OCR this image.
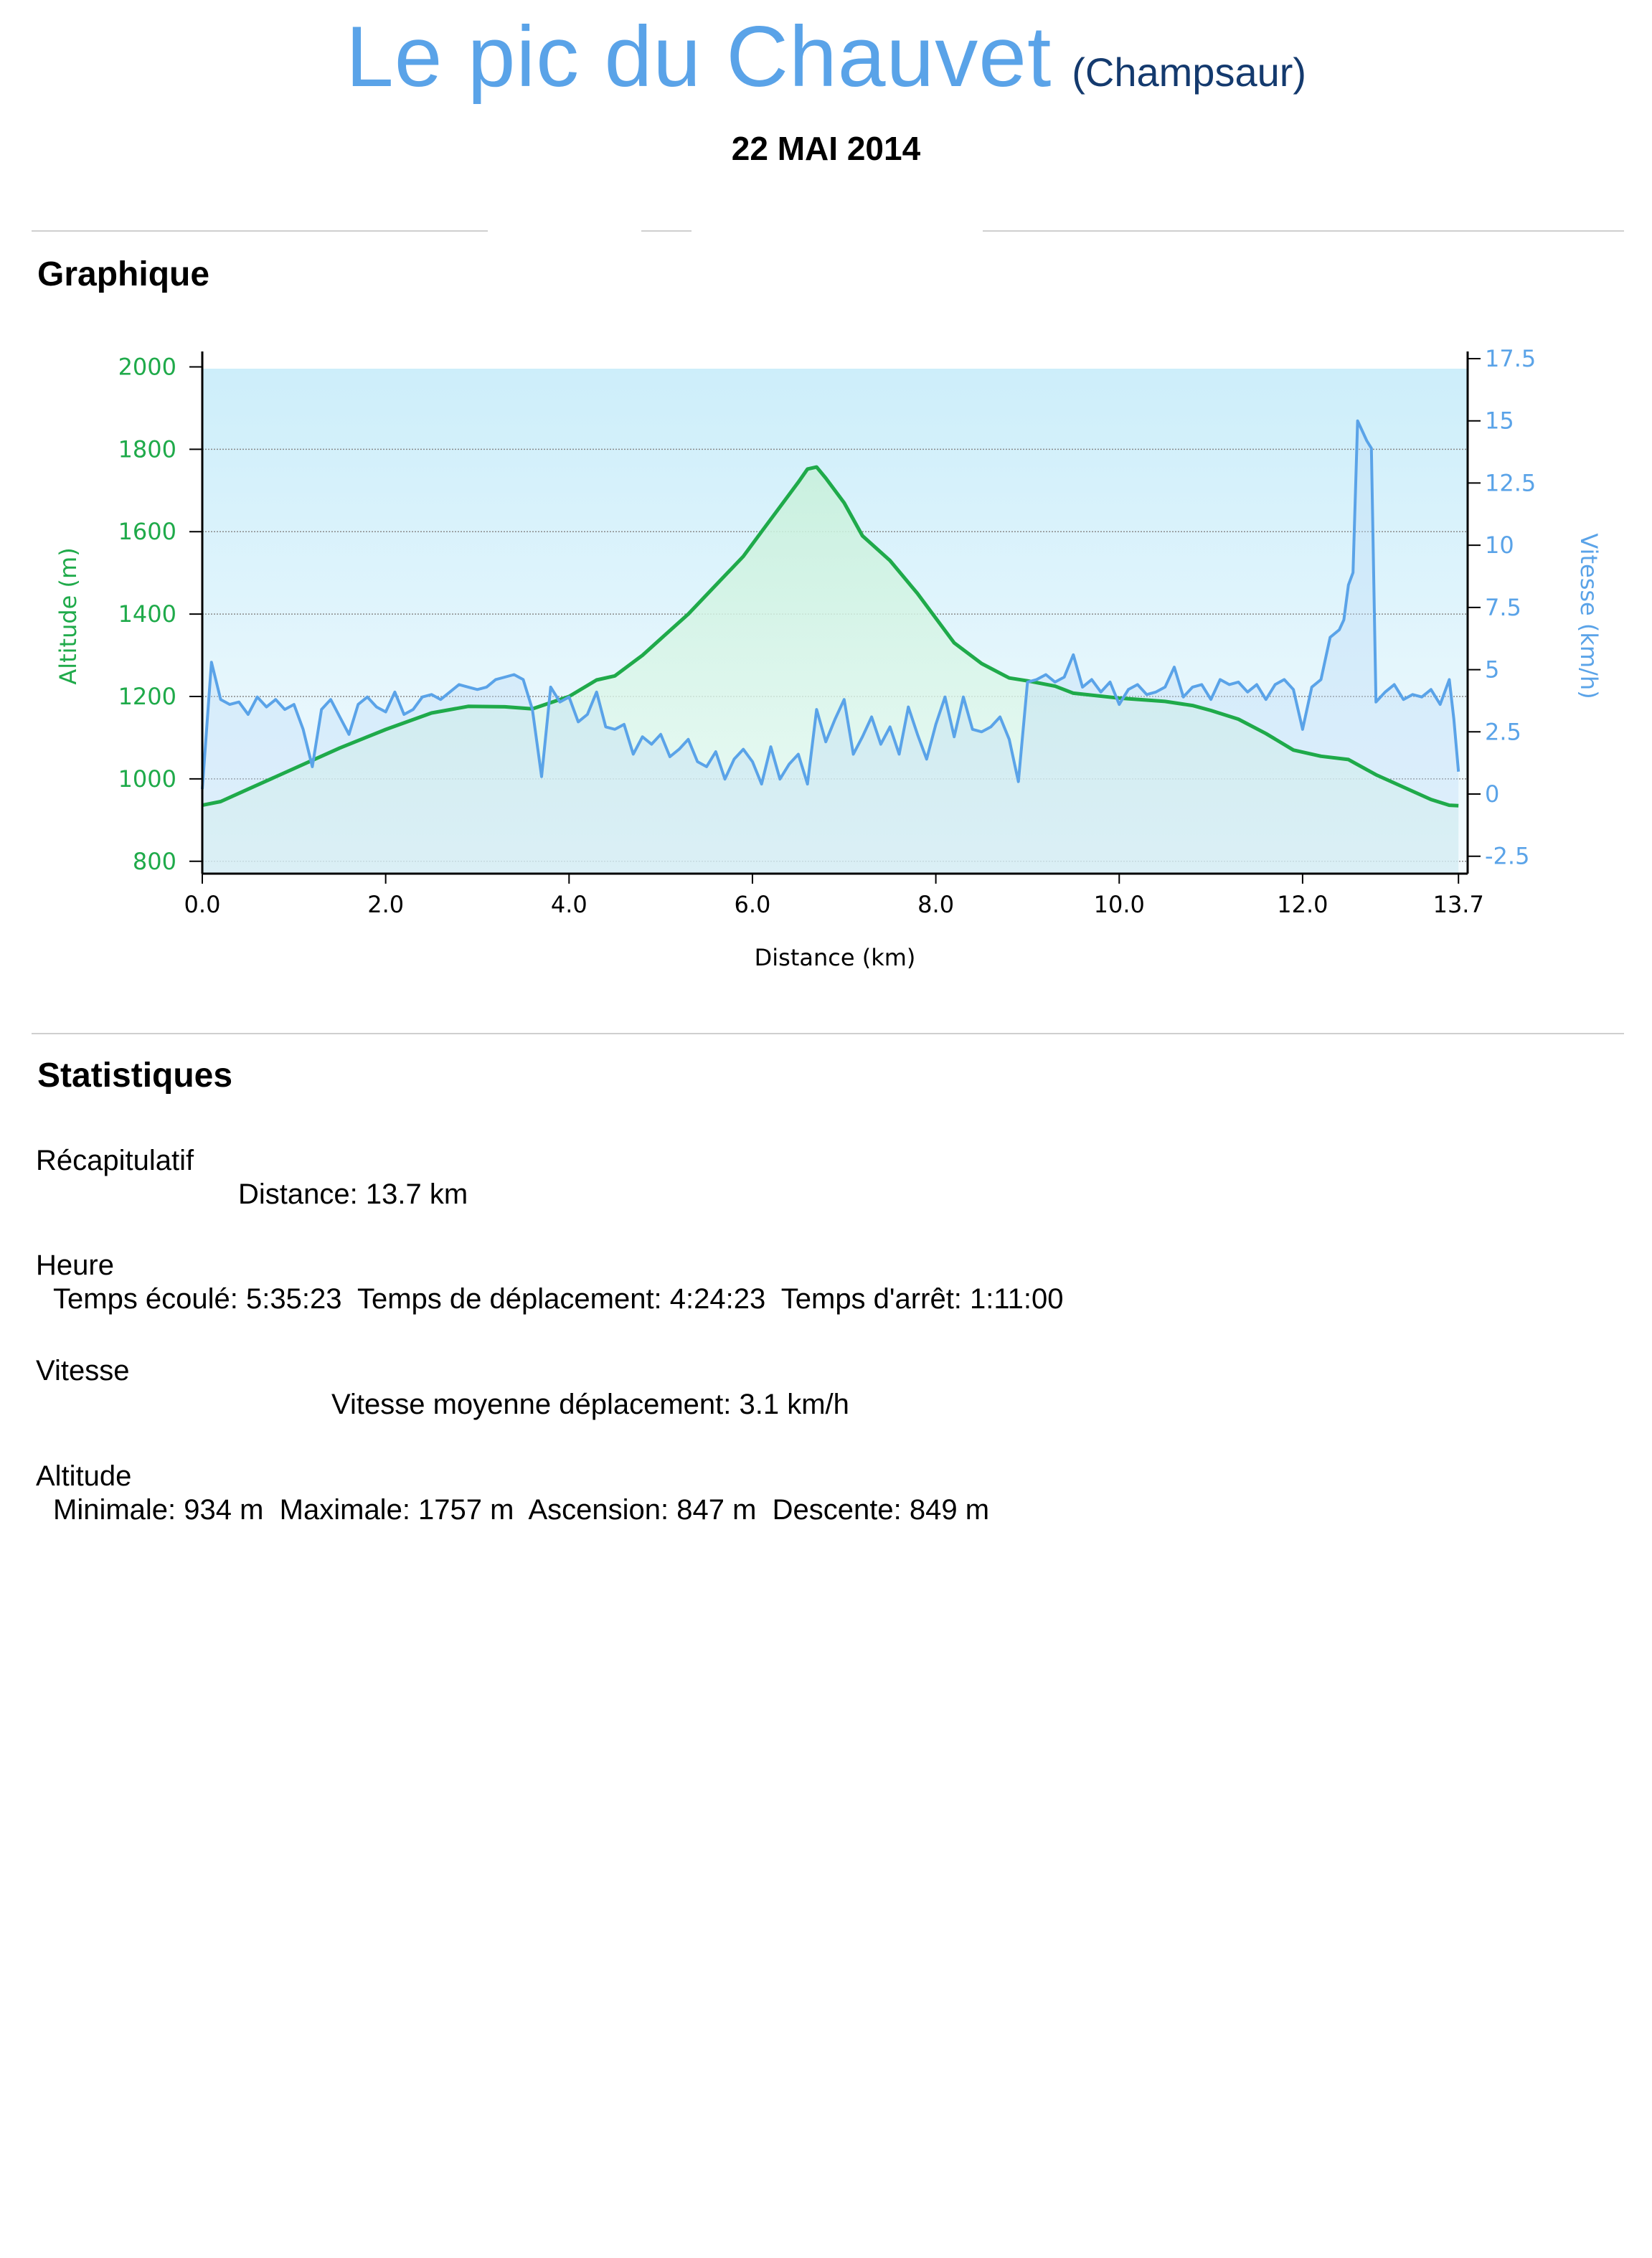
Le pic du Chauvet (Champsaur)
22 MAI 2014
Graphique
800
1000
1200
1400
1600
1800
2000
-2.5
0
2.5
5
7.5
10
12.5
15
17.5
0.0	2.0	4.0	6.0	8.0	10.0	12.0	13.7
Distance (km)
Altitude (m)	Vitesse (km/h)
Statistiques
Récapitulatif
Distance: 13.7 km
Heure
Temps écoulé: 5:35:23  Temps de déplacement: 4:24:23  Temps d'arrêt: 1:11:00
Vitesse
Vitesse moyenne déplacement: 3.1 km/h
Altitude
Minimale: 934 m  Maximale: 1757 m  Ascension: 847 m  Descente: 849 m
